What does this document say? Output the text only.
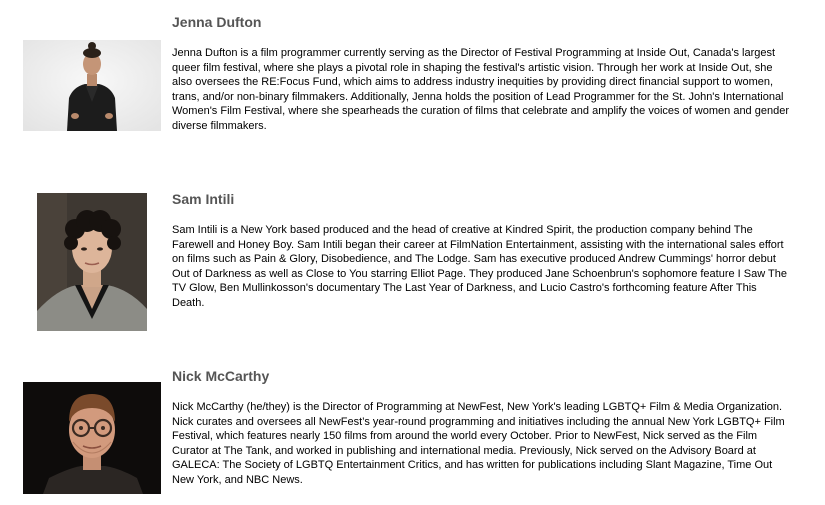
Jenna Dufton

Jenna Dufton is a film programmer currently serving as the Director of Festival Programming at Inside Out, Canada's largest queer film festival, where she plays a pivotal role in shaping the festival's artistic vision. Through her work at Inside Out, she also oversees the RE:Focus Fund, which aims to address industry inequities by providing direct financial support to women, trans, and/or non-binary filmmakers. Additionally, Jenna holds the position of Lead Programmer for the St. John's International Women's Film Festival, where she spearheads the curation of films that celebrate and amplify the voices of women and gender diverse filmmakers.

Sam Intili

Sam Intili is a New York based produced and the head of creative at Kindred Spirit, the production company behind The Farewell and Honey Boy. Sam Intili began their career at FilmNation Entertainment, assisting with the international sales effort on films such as Pain & Glory, Disobedience, and The Lodge. Sam has executive produced Andrew Cummings' horror debut Out of Darkness as well as Close to You starring Elliot Page. They produced Jane Schoenbrun's sophomore feature I Saw The TV Glow, Ben Mullinkosson's documentary The Last Year of Darkness, and Lucio Castro's forthcoming feature After This Death.

Nick McCarthy

Nick McCarthy (he/they) is the Director of Programming at NewFest, New York's leading LGBTQ+ Film & Media Organization. Nick curates and oversees all NewFest’s year-round programming and initiatives including the annual New York LGBTQ+ Film Festival, which features nearly 150 films from around the world every October. Prior to NewFest, Nick served as the Film Curator at The Tank, and worked in publishing and international media. Previously, Nick served on the Advisory Board at GALECA: The Society of LGBTQ Entertainment Critics, and has written for publications including Slant Magazine, Time Out New York, and NBC News.
